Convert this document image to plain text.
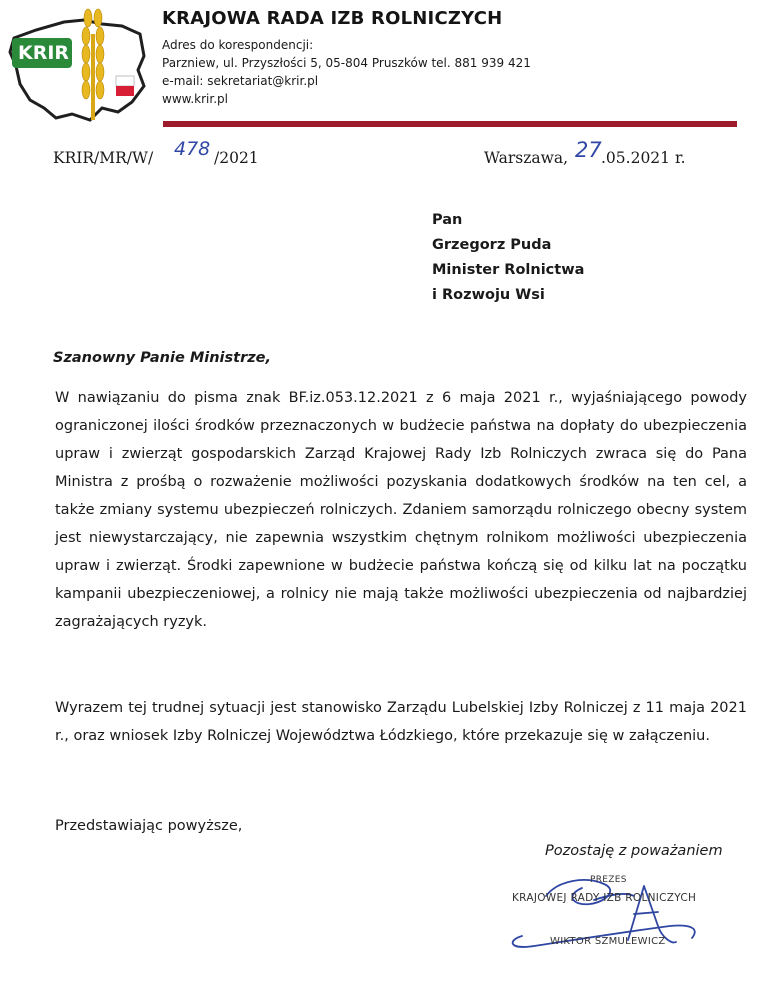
KRIR
KRAJOWA RADA IZB ROLNICZYCH
Adres do korespondencji:
Parzniew, ul. Przyszłości 5, 05-804 Pruszków tel. 881 939 421
e-mail: sekretariat@krir.pl
www.krir.pl
KRIR/MR/W/ 478 /2021	Warszawa, 27 .05.2021 r.
Pan
Grzegorz Puda
Minister Rolnictwa
i Rozwoju Wsi
Szanowny Panie Ministrze,
W nawiązaniu do pisma znak BF.iz.053.12.2021 z 6 maja 2021 r., wyjaśniającego powody ograniczonej ilości środków przeznaczonych w budżecie państwa na dopłaty do ubezpieczenia upraw i zwierząt gospodarskich Zarząd Krajowej Rady Izb Rolniczych zwraca się do Pana Ministra z prośbą o rozważenie możliwości pozyskania dodatkowych środków na ten cel, a także zmiany systemu ubezpieczeń rolniczych. Zdaniem samorządu rolniczego obecny system jest niewystarczający, nie zapewnia wszystkim chętnym rolnikom możliwości ubezpieczenia upraw i zwierząt. Środki zapewnione w budżecie państwa kończą się od kilku lat na początku kampanii ubezpieczeniowej, a rolnicy nie mają także możliwości ubezpieczenia od najbardziej zagrażających ryzyk.
Wyrazem tej trudnej sytuacji jest stanowisko Zarządu Lubelskiej Izby Rolniczej z 11 maja 2021 r., oraz wniosek Izby Rolniczej Województwa Łódzkiego, które przekazuje się w załączeniu.
Przedstawiając powyższe,
Pozostaję z poważaniem
PREZES
KRAJOWEJ RADY IZB ROLNICZYCH
WIKTOR SZMULEWICZ
